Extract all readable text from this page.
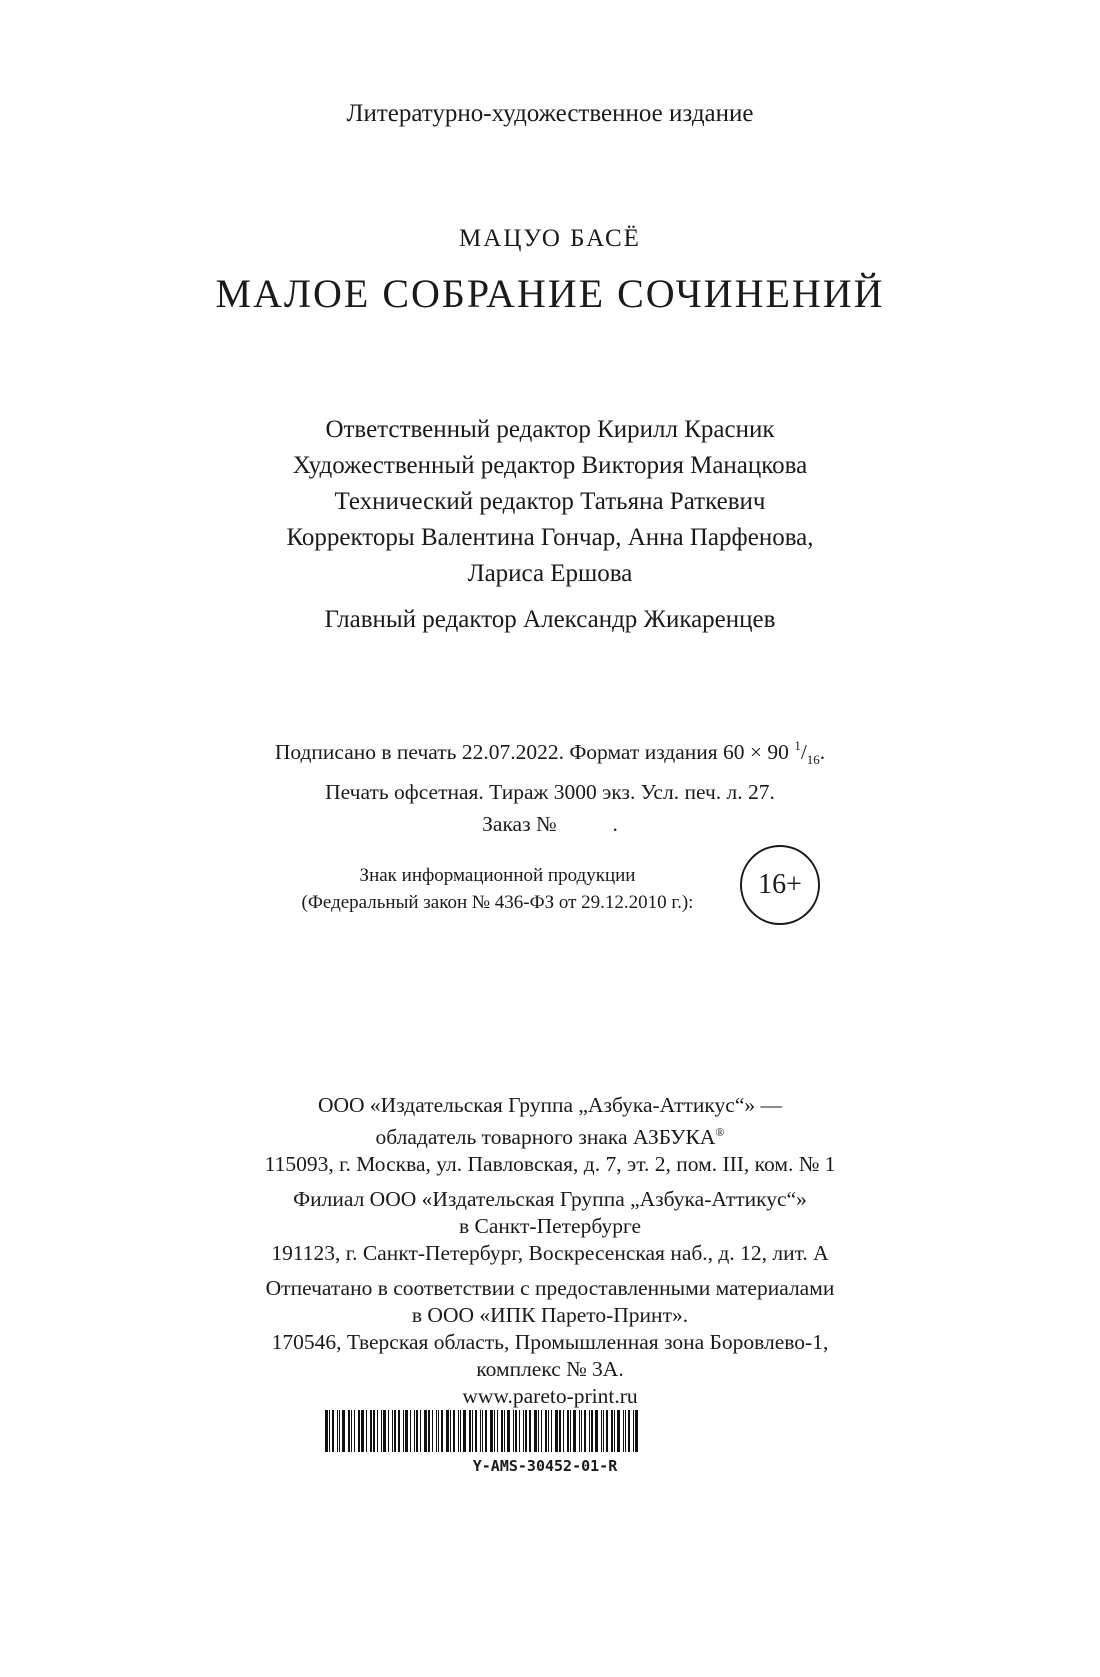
Литературно-художественное издание
МАЦУО БАСЁ
МАЛОЕ СОБРАНИЕ СОЧИНЕНИЙ
Ответственный редактор Кирилл Красник
Художественный редактор Виктория Манацкова
Технический редактор Татьяна Раткевич
Корректоры Валентина Гончар, Анна Парфенова,
Лариса Ершова
Главный редактор Александр Жикаренцев
Подписано в печать 22.07.2022. Формат издания 60 × 90 $^1/_{16}$.
Печать офсетная. Тираж 3000 экз. Усл. печ. л. 27.
Заказ №	.
Знак информационной продукции
(Федеральный закон № 436-ФЗ от 29.12.2010 г.):
16+
ООО «Издательская Группа „Азбука-Аттикус“» —
обладатель товарного знака АЗБУКА®
115093, г. Москва, ул. Павловская, д. 7, эт. 2, пом. III, ком. № 1
Филиал ООО «Издательская Группа „Азбука-Аттикус“»
в Санкт-Петербурге
191123, г. Санкт-Петербург, Воскресенская наб., д. 12, лит. А
Отпечатано в соответствии с предоставленными материалами
в ООО «ИПК Парето-Принт».
170546, Тверская область, Промышленная зона Боровлево-1,
комплекс № 3А.
www.pareto-print.ru
Y-AMS-30452-01-R
